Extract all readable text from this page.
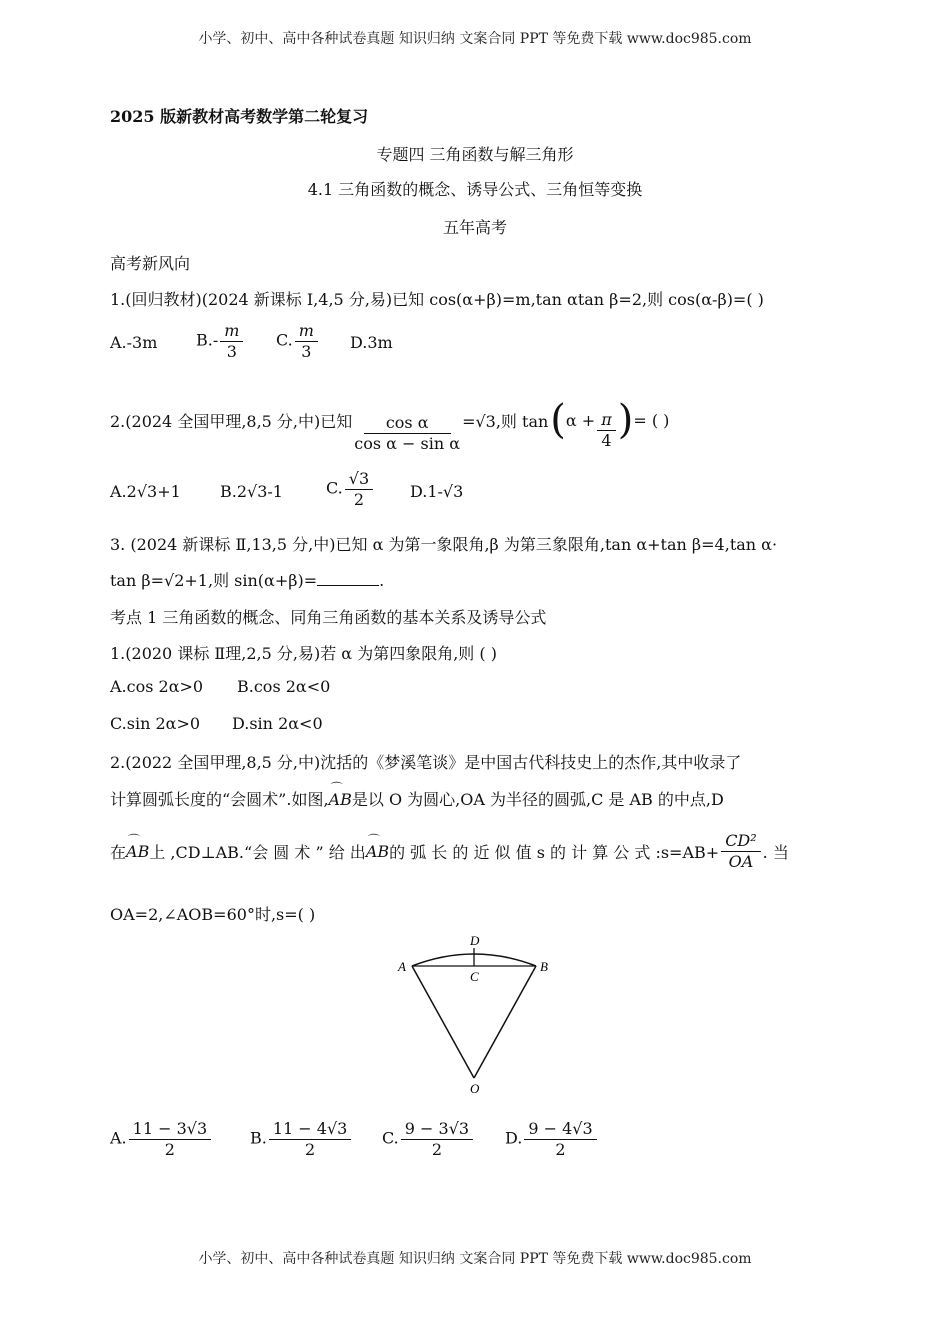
小学、初中、高中各种试卷真题 知识归纳 文案合同 PPT 等免费下载 www.doc985.com
小学、初中、高中各种试卷真题 知识归纳 文案合同 PPT 等免费下载 www.doc985.com
2025 版新教材高考数学第二轮复习
专题四 三角函数与解三角形
4.1 三角函数的概念、诱导公式、三角恒等变换
五年高考
高考新风向
1.(回归教材)(2024 新课标 Ⅰ,4,5 分,易)已知 cos(α+β)=m,tan αtan β=2,则 cos(α-β)=( )
A.-3m $B.- \frac{m}{3} C$. $\frac{m}{3} D.3m$
2.(2024 全国甲理,8,5 分,中)已知 $\frac{\text{cos α}}{\text{cos α − sin α}} =√3$,则 tan ( $\alpha + \frac{\pi}{4}$ ) = ( )
A.2√3+1 B.2√3-1	C. $\frac{√3}{2} D.1-√3$
3. (2024 新课标 Ⅱ,13,5 分,中)已知 α 为第一象限角,β 为第三象限角,tan α+tan β=4,tan α·
tan β=√2+1,则 sin(α+β)=	.
考点 1 三角函数的概念、同角三角函数的基本关系及诱导公式
1.(2020 课标 Ⅱ理,2,5 分,易)若 α 为第四象限角,则 ( )
A.cos 2α>0 B.cos 2α<0
C.sin 2α>0 D.sin 2α<0
2.(2022 全国甲理,8,5 分,中)沈括的《梦溪笔谈》是中国古代科技史上的杰作,其中收录了
计算圆弧长度的“会圆术”.如图,⌒ AB是以 O 为圆心,OA 为半径的圆弧,C 是 AB 的中点,D
在 ⌒ AB 上 ,CD⊥AB.“会 圆 术 ” 给 出 ⌒ AB 的 弧 长 的 近 似 值 s 的 计 算 公 式 :s=AB+ $\frac{\text{CD²}}{OA}$ . 当
OA=2,∠AOB=60°时,s=( )
A	B
D
C
O
A. $\frac{11 - 3√3}{2} B$. $\frac{11 - 4√3}{2} C$. $\frac{9 - 3√3}{2} D$. $\frac{9 - 4√3}{2}$
